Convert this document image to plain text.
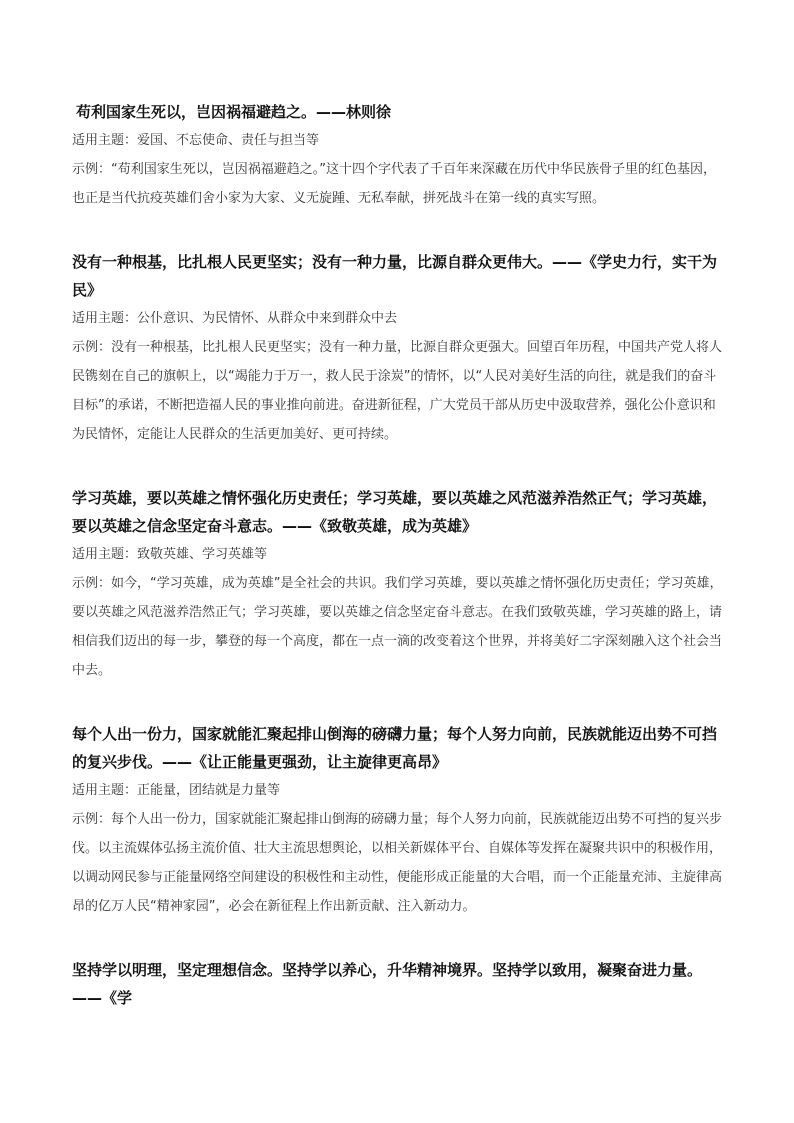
苟利国家生死以，岂因祸福避趋之。——林则徐

适用主题：爱国、不忘使命、责任与担当等

示例：“苟利国家生死以，岂因祸福避趋之。”这十四个字代表了千百年来深藏在历代中华民族骨子里的红色基因，也正是当代抗疫英雄们舍小家为大家、义无旋踵、无私奉献，拼死战斗在第一线的真实写照。

没有一种根基，比扎根人民更坚实；没有一种力量，比源自群众更伟大。——《学史力行，实干为民》

适用主题：公仆意识、为民情怀、从群众中来到群众中去

示例：没有一种根基，比扎根人民更坚实；没有一种力量，比源自群众更强大。回望百年历程，中国共产党人将人民镌刻在自己的旗帜上，以“竭能力于万一，救人民于涂炭”的情怀，以“人民对美好生活的向往，就是我们的奋斗目标”的承诺，不断把造福人民的事业推向前进。奋进新征程，广大党员干部从历史中汲取营养，强化公仆意识和为民情怀，定能让人民群众的生活更加美好、更可持续。

学习英雄，要以英雄之情怀强化历史责任；学习英雄，要以英雄之风范滋养浩然正气；学习英雄，要以英雄之信念坚定奋斗意志。——《致敬英雄，成为英雄》

适用主题：致敬英雄、学习英雄等

示例：如今，“学习英雄，成为英雄”是全社会的共识。我们学习英雄，要以英雄之情怀强化历史责任；学习英雄，要以英雄之风范滋养浩然正气；学习英雄，要以英雄之信念坚定奋斗意志。在我们致敬英雄，学习英雄的路上，请相信我们迈出的每一步，攀登的每一个高度，都在一点一滴的改变着这个世界，并将美好二字深刻融入这个社会当中去。

每个人出一份力，国家就能汇聚起排山倒海的磅礴力量；每个人努力向前，民族就能迈出势不可挡的复兴步伐。——《让正能量更强劲，让主旋律更高昂》

适用主题：正能量，团结就是力量等

示例：每个人出一份力，国家就能汇聚起排山倒海的磅礴力量；每个人努力向前，民族就能迈出势不可挡的复兴步伐。以主流媒体弘扬主流价值、壮大主流思想舆论，以相关新媒体平台、自媒体等发挥在凝聚共识中的积极作用，以调动网民参与正能量网络空间建设的积极性和主动性，便能形成正能量的大合唱，而一个正能量充沛、主旋律高昂的亿万人民“精神家园”，必会在新征程上作出新贡献、注入新动力。

坚持学以明理，坚定理想信念。坚持学以养心，升华精神境界。坚持学以致用，凝聚奋进力量。——《学
